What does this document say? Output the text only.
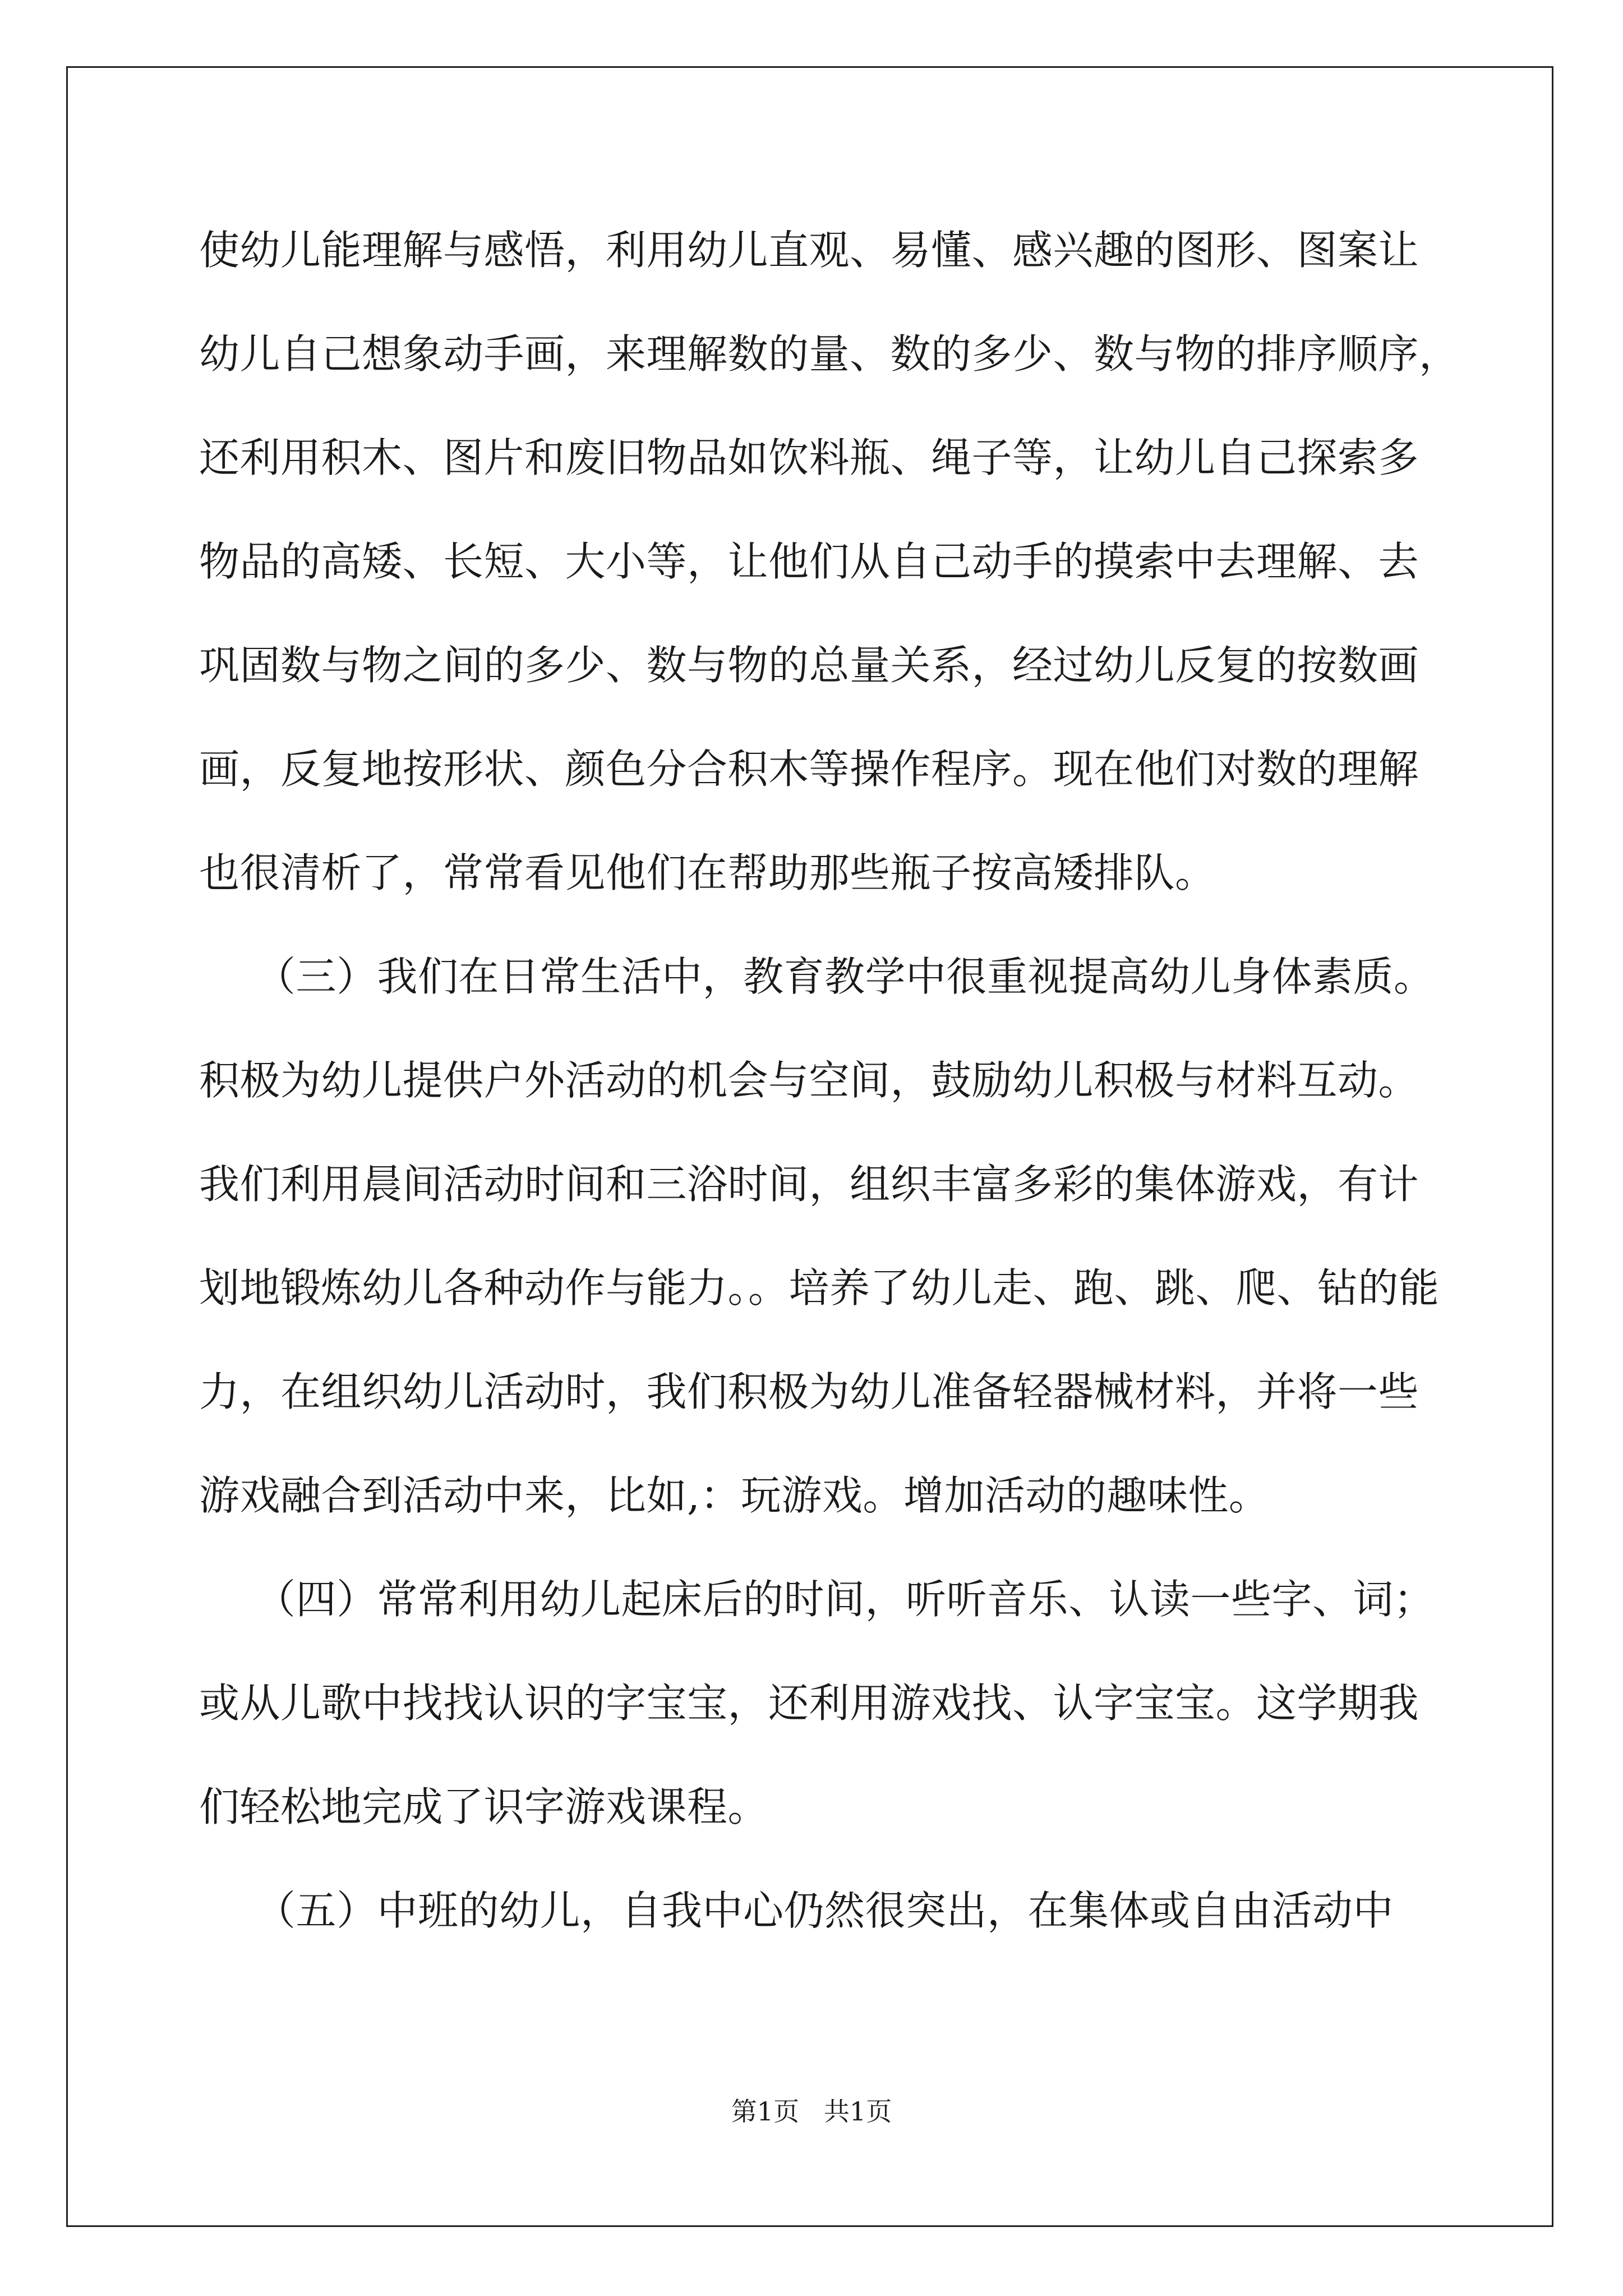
使幼儿能理解与感悟，利用幼儿直观、易懂、感兴趣的图形、图案让
幼儿自己想象动手画，来理解数的量、数的多少、数与物的排序顺序，
还利用积木、图片和废旧物品如饮料瓶、绳子等，让幼儿自己探索多
物品的高矮、长短、大小等，让他们从自己动手的摸索中去理解、去
巩固数与物之间的多少、数与物的总量关系，经过幼儿反复的按数画
画，反复地按形状、颜色分合积木等操作程序。现在他们对数的理解
也很清析了，常常看见他们在帮助那些瓶子按高矮排队。
（三）我们在日常生活中，教育教学中很重视提高幼儿身体素质。
积极为幼儿提供户外活动的机会与空间，鼓励幼儿积极与材料互动。
我们利用晨间活动时间和三浴时间，组织丰富多彩的集体游戏，有计
划地锻炼幼儿各种动作与能力。。培养了幼儿走、跑、跳、爬、钻的能
力，在组织幼儿活动时，我们积极为幼儿准备轻器械材料，并将一些
游戏融合到活动中来，比如,：玩游戏。增加活动的趣味性。
（四）常常利用幼儿起床后的时间，听听音乐、认读一些字、词；
或从儿歌中找找认识的字宝宝，还利用游戏找、认字宝宝。这学期我
们轻松地完成了识字游戏课程。
（五）中班的幼儿，自我中心仍然很突出，在集体或自由活动中
第1页   共1页
